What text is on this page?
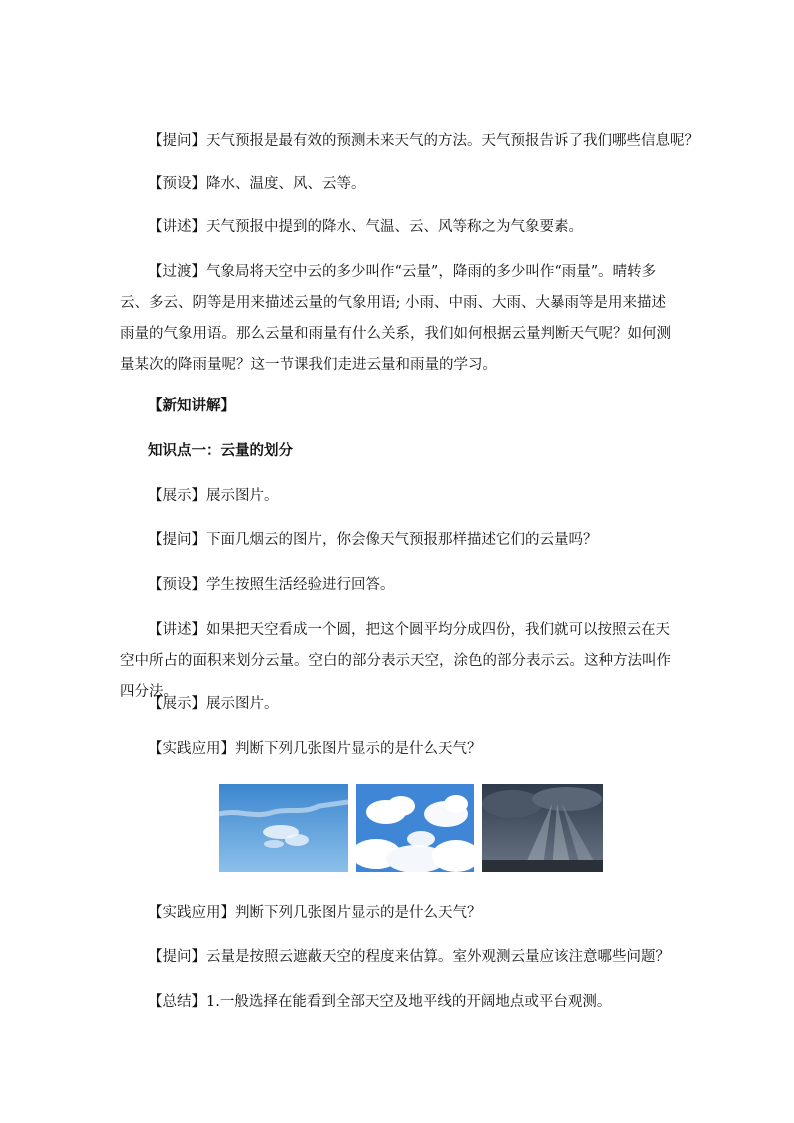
【提问】天气预报是最有效的预测未来天气的方法。天气预报告诉了我们哪些信息呢？
【预设】降水、温度、风、云等。
【讲述】天气预报中提到的降水、气温、云、风等称之为气象要素。
【过渡】气象局将天空中云的多少叫作“云量”，降雨的多少叫作“雨量”。晴转多云、多云、阴等是用来描述云量的气象用语; 小雨、中雨、大雨、大暴雨等是用来描述雨量的气象用语。那么云量和雨量有什么关系，我们如何根据云量判断天气呢？如何测量某次的降雨量呢？这一节课我们走进云量和雨量的学习。
【新知讲解】
知识点一：云量的划分
【展示】展示图片。
【提问】下面几烟云的图片，你会像天气预报那样描述它们的云量吗？
【预设】学生按照生活经验进行回答。
【讲述】如果把天空看成一个圆，把这个圆平均分成四份，我们就可以按照云在天空中所占的面积来划分云量。空白的部分表示天空，涂色的部分表示云。这种方法叫作四分法。
【展示】展示图片。
【实践应用】判断下列几张图片显示的是什么天气？
【实践应用】判断下列几张图片显示的是什么天气？
【提问】云量是按照云遮蔽天空的程度来估算。室外观测云量应该注意哪些问题？
【总结】1.一般选择在能看到全部天空及地平线的开阔地点或平台观测。
